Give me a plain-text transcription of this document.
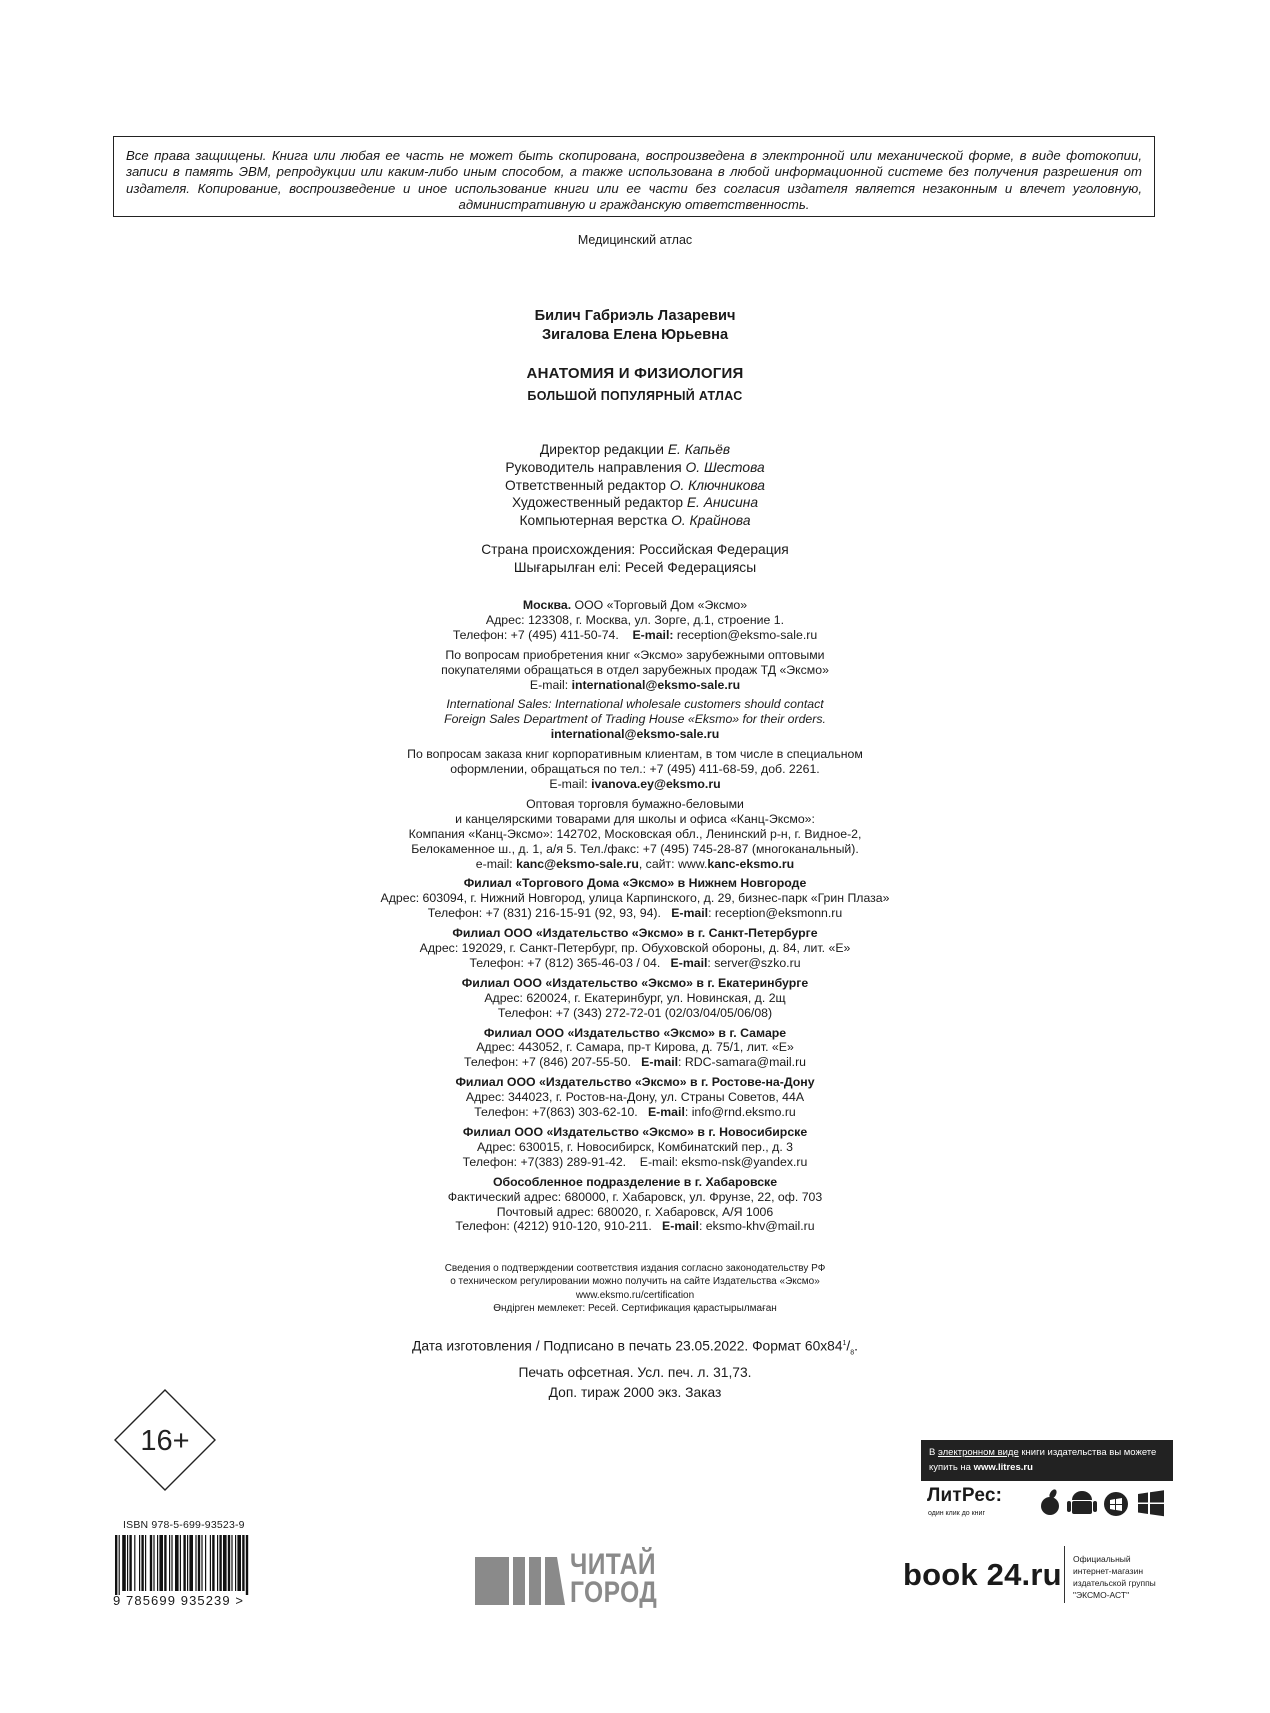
Все права защищены. Книга или любая ее часть не может быть скопирована, воспроизведена в электронной или механической форме, в виде фотокопии, записи в память ЭВМ, репродукции или каким-либо иным способом, а также использована в любой информационной системе без получения разрешения от издателя. Копирование, воспроизведение и иное использование книги или ее части без согласия издателя является незаконным и влечет уголовную, административную и гражданскую ответственность.
Медицинский атлас
Билич Габриэль Лазаревич
Зигалова Елена Юрьевна
АНАТОМИЯ И ФИЗИОЛОГИЯ
БОЛЬШОЙ ПОПУЛЯРНЫЙ АТЛАС
Директор редакции Е. Капьёв
Руководитель направления О. Шестова
Ответственный редактор О. Ключникова
Художественный редактор Е. Анисина
Компьютерная верстка О. Крайнова
Страна происхождения: Российская Федерация
Шығарылған елі: Ресей Федерациясы
Москва. ООО «Торговый Дом «Эксмо»
Адрес: 123308, г. Москва, ул. Зорге, д.1, строение 1.
Телефон: +7 (495) 411-50-74. E-mail: reception@eksmo-sale.ru
По вопросам приобретения книг «Эксмо» зарубежными оптовыми
покупателями обращаться в отдел зарубежных продаж ТД «Эксмо»
E-mail: international@eksmo-sale.ru
International Sales: International wholesale customers should contact
Foreign Sales Department of Trading House «Eksmo» for their orders.
international@eksmo-sale.ru
По вопросам заказа книг корпоративным клиентам, в том числе в специальном
оформлении, обращаться по тел.: +7 (495) 411-68-59, доб. 2261.
E-mail: ivanova.ey@eksmo.ru
Оптовая торговля бумажно-беловыми
и канцелярскими товарами для школы и офиса «Канц-Эксмо»:
Компания «Канц-Эксмо»: 142702, Московская обл., Ленинский р-н, г. Видное-2,
Белокаменное ш., д. 1, а/я 5. Тел./факс: +7 (495) 745-28-87 (многоканальный).
e-mail: kanc@eksmo-sale.ru, сайт: www.kanc-eksmo.ru
Филиал «Торгового Дома «Эксмо» в Нижнем Новгороде
Адрес: 603094, г. Нижний Новгород, улица Карпинского, д. 29, бизнес-парк «Грин Плаза»
Телефон: +7 (831) 216-15-91 (92, 93, 94). E-mail: reception@eksmonn.ru
Филиал ООО «Издательство «Эксмо» в г. Санкт-Петербурге
Адрес: 192029, г. Санкт-Петербург, пр. Обуховской обороны, д. 84, лит. «Е»
Телефон: +7 (812) 365-46-03 / 04. E-mail: server@szko.ru
Филиал ООО «Издательство «Эксмо» в г. Екатеринбурге
Адрес: 620024, г. Екатеринбург, ул. Новинская, д. 2щ
Телефон: +7 (343) 272-72-01 (02/03/04/05/06/08)
Филиал ООО «Издательство «Эксмо» в г. Самаре
Адрес: 443052, г. Самара, пр-т Кирова, д. 75/1, лит. «Е»
Телефон: +7 (846) 207-55-50. E-mail: RDC-samara@mail.ru
Филиал ООО «Издательство «Эксмо» в г. Ростове-на-Дону
Адрес: 344023, г. Ростов-на-Дону, ул. Страны Советов, 44А
Телефон: +7(863) 303-62-10. E-mail: info@rnd.eksmo.ru
Филиал ООО «Издательство «Эксмо» в г. Новосибирске
Адрес: 630015, г. Новосибирск, Комбинатский пер., д. 3
Телефон: +7(383) 289-91-42. E-mail: eksmo-nsk@yandex.ru
Обособленное подразделение в г. Хабаровске
Фактический адрес: 680000, г. Хабаровск, ул. Фрунзе, 22, оф. 703
Почтовый адрес: 680020, г. Хабаровск, А/Я 1006
Телефон: (4212) 910-120, 910-211. E-mail: eksmo-khv@mail.ru
Сведения о подтверждении соответствия издания согласно законодательству РФ
о техническом регулировании можно получить на сайте Издательства «Эксмо»
www.eksmo.ru/certification
Өндірген мемлекет: Ресей. Сертификация қарастырылмаған
Дата изготовления / Подписано в печать 23.05.2022. Формат $60x84^1/_8$.
Печать офсетная. Усл. печ. л. 31,73.
Доп. тираж 2000 экз. Заказ
16+
ISBN 978-5-699-93523-9
9 785699 935239 >
ЧИТАЙ
ГОРОД
В электронном виде книги издательства вы можете
купить на www.litres.ru
ЛитРес:
один клик до книг
book 24.ru Официальный
интернет-магазин
издательской группы
"ЭКСМО-АСТ"
